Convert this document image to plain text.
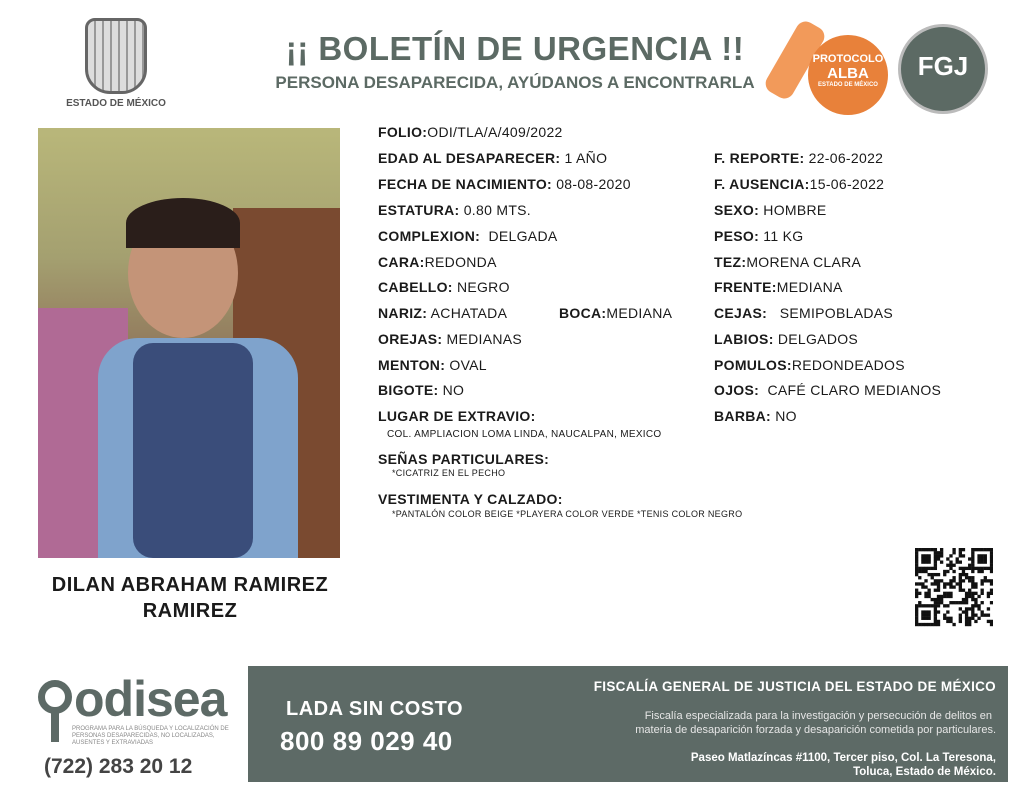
ESTADO DE MÉXICO
¡¡ BOLETÍN DE URGENCIA !!
PERSONA DESAPARECIDA, AYÚDANOS A ENCONTRARLA
PROTOCOLO
ALBA
ESTADO DE MÉXICO
FGJ
DILAN ABRAHAM RAMIREZ
RAMIREZ
FOLIO:ODI/TLA/A/409/2022
EDAD AL DESAPARECER: 1 AÑO
FECHA DE NACIMIENTO: 08-08-2020
ESTATURA: 0.80 MTS.
COMPLEXION: DELGADA
CARA:REDONDA
CABELLO: NEGRO
NARIZ: ACHATADA	BOCA:MEDIANA
OREJAS: MEDIANAS
MENTON: OVAL
BIGOTE: NO
F. REPORTE: 22-06-2022
F. AUSENCIA:15-06-2022
SEXO: HOMBRE
PESO: 11 KG
TEZ:MORENA CLARA
FRENTE:MEDIANA
CEJAS: SEMIPOBLADAS
LABIOS: DELGADOS
POMULOS:REDONDEADOS
OJOS: CAFÉ CLARO MEDIANOS
BARBA: NO
LUGAR DE EXTRAVIO:
COL. AMPLIACION LOMA LINDA, NAUCALPAN, MEXICO
SEÑAS PARTICULARES:
*CICATRIZ EN EL PECHO
VESTIMENTA Y CALZADO:
*PANTALÓN COLOR BEIGE *PLAYERA COLOR VERDE *TENIS COLOR NEGRO
odisea
PROGRAMA PARA LA BÚSQUEDA Y LOCALIZACIÓN DE PERSONAS DESAPARECIDAS, NO LOCALIZADAS, AUSENTES Y EXTRAVIADAS
(722) 283 20 12
LADA SIN COSTO
800 89 029 40
FISCALÍA GENERAL DE JUSTICIA DEL ESTADO DE MÉXICO
Fiscalía especializada para la investigación y persecución de delitos en
materia de desaparición forzada y desaparición cometida por particulares.
Paseo Matlazíncas #1100, Tercer piso, Col. La Teresona,
Toluca, Estado de México.
